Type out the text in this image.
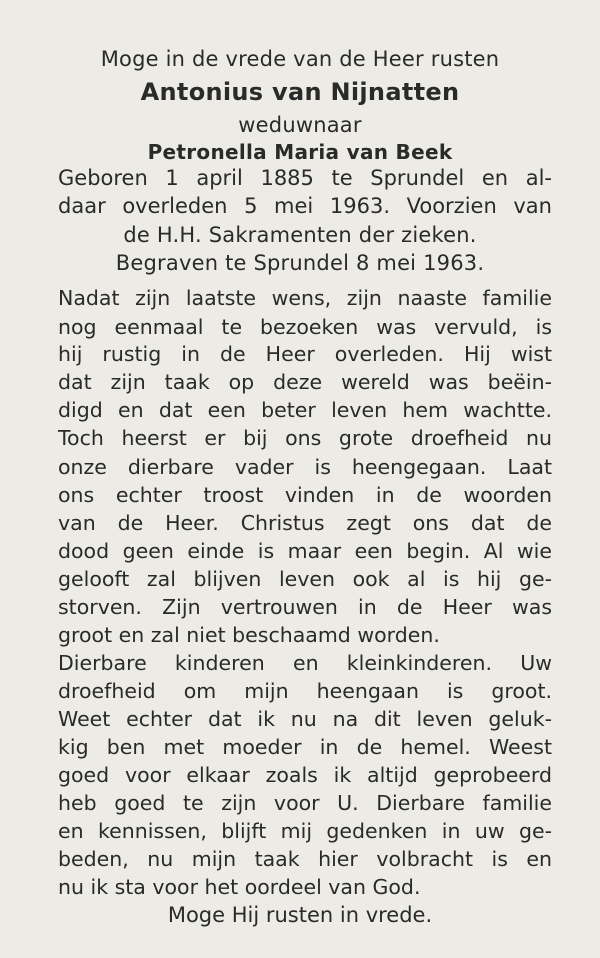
Moge in de vrede van de Heer rusten
Antonius van Nijnatten
weduwnaar
Petronella Maria van Beek
Geboren 1 april 1885 te Sprundel en al-
daar overleden 5 mei 1963. Voorzien van
de H.H. Sakramenten der zieken.
Begraven te Sprundel 8 mei 1963.
Nadat zijn laatste wens, zijn naaste familie
nog eenmaal te bezoeken was vervuld, is
hij rustig in de Heer overleden. Hij wist
dat zijn taak op deze wereld was beëin-
digd en dat een beter leven hem wachtte.
Toch heerst er bij ons grote droefheid nu
onze dierbare vader is heengegaan. Laat
ons echter troost vinden in de woorden
van de Heer. Christus zegt ons dat de
dood geen einde is maar een begin. Al wie
gelooft zal blijven leven ook al is hij ge-
storven. Zijn vertrouwen in de Heer was
groot en zal niet beschaamd worden.
Dierbare kinderen en kleinkinderen. Uw
droefheid om mijn heengaan is groot.
Weet echter dat ik nu na dit leven geluk-
kig ben met moeder in de hemel. Weest
goed voor elkaar zoals ik altijd geprobeerd
heb goed te zijn voor U. Dierbare familie
en kennissen, blijft mij gedenken in uw ge-
beden, nu mijn taak hier volbracht is en
nu ik sta voor het oordeel van God.
Moge Hij rusten in vrede.
